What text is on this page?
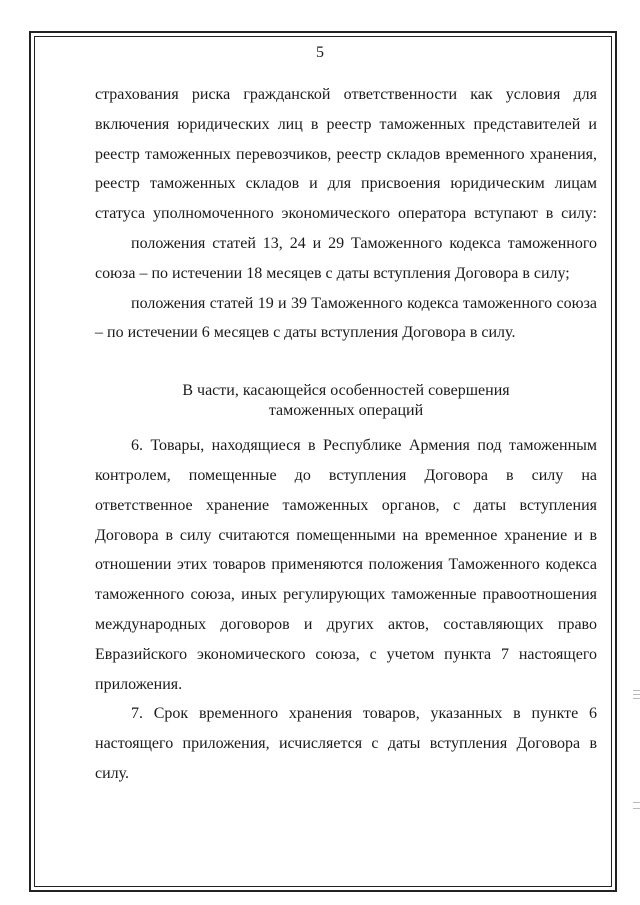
5

страхования риска гражданской ответственности как условия для
включения юридических лиц в реестр таможенных представителей и
реестр таможенных перевозчиков, реестр складов временного хранения,
реестр таможенных складов и для присвоения юридическим лицам
статуса уполномоченного экономического оператора вступают в силу:

положения статей 13, 24 и 29 Таможенного кодекса таможенного союза – по истечении 18 месяцев с даты вступления Договора в силу;

положения статей 19 и 39 Таможенного кодекса таможенного союза – по истечении 6 месяцев с даты вступления Договора в силу.

В части, касающейся особенностей совершения
таможенных операций

6. Товары, находящиеся в Республике Армения под таможенным контролем, помещенные до вступления Договора в силу на ответственное хранение таможенных органов, с даты вступления Договора в силу считаются помещенными на временное хранение и в отношении этих товаров применяются положения Таможенного кодекса таможенного союза, иных регулирующих таможенные правоотношения международных договоров и других актов, составляющих право Евразийского экономического союза, с учетом пункта 7 настоящего приложения.

7. Срок временного хранения товаров, указанных в пункте 6 настоящего приложения, исчисляется с даты вступления Договора в силу.
